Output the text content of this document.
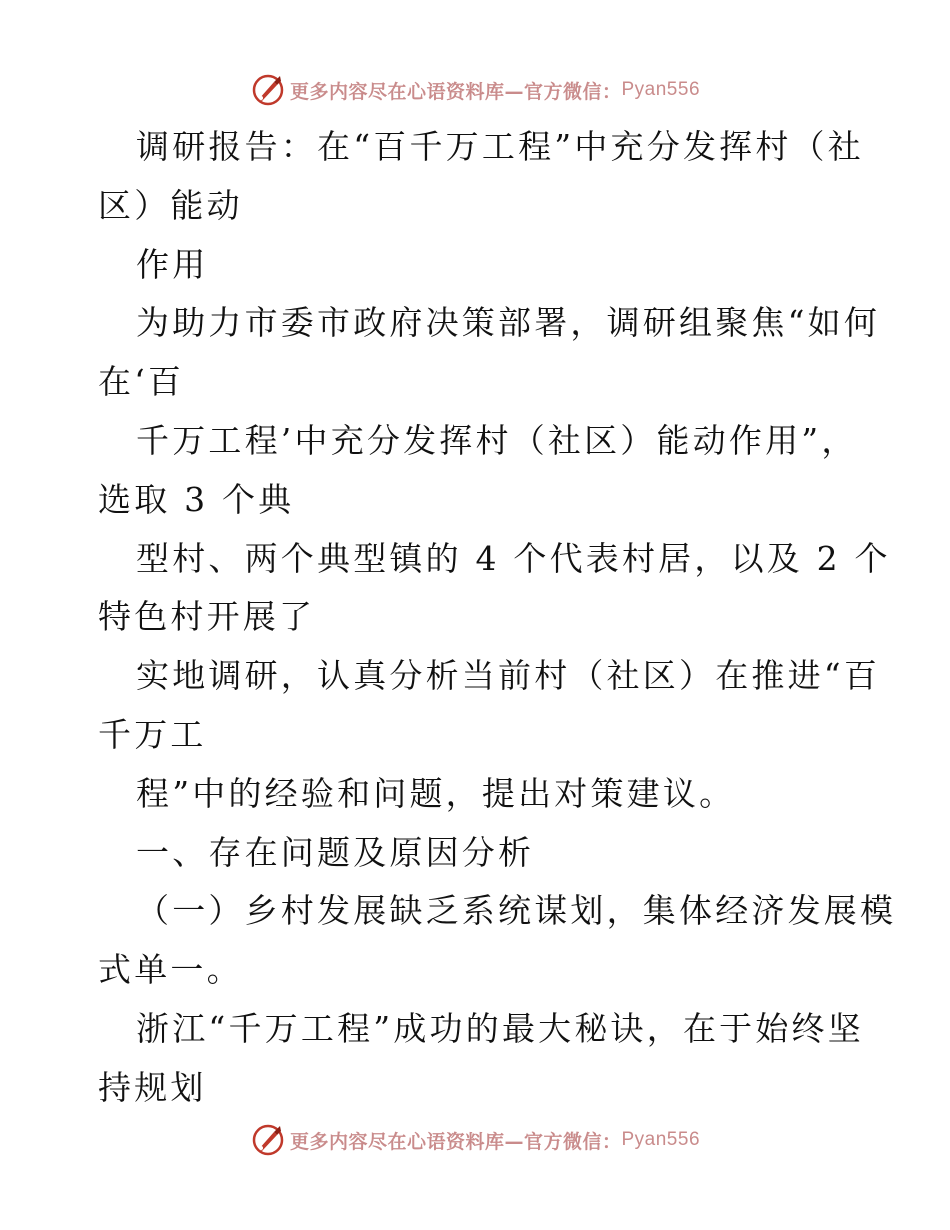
更多内容尽在心语资料库—官方微信： Pyan556
调研报告：在“百千万工程”中充分发挥村（社
区）能动
作用
为助力市委市政府决策部署，调研组聚焦“如何
在‘百
千万工程’中充分发挥村（社区）能动作用”，
选取 3 个典
型村、两个典型镇的 4 个代表村居，以及 2 个
特色村开展了
实地调研，认真分析当前村（社区）在推进“百
千万工
程”中的经验和问题，提出对策建议。
一、存在问题及原因分析
（一）乡村发展缺乏系统谋划，集体经济发展模
式单一。
浙江“千万工程”成功的最大秘诀，在于始终坚
持规划
更多内容尽在心语资料库—官方微信： Pyan556
